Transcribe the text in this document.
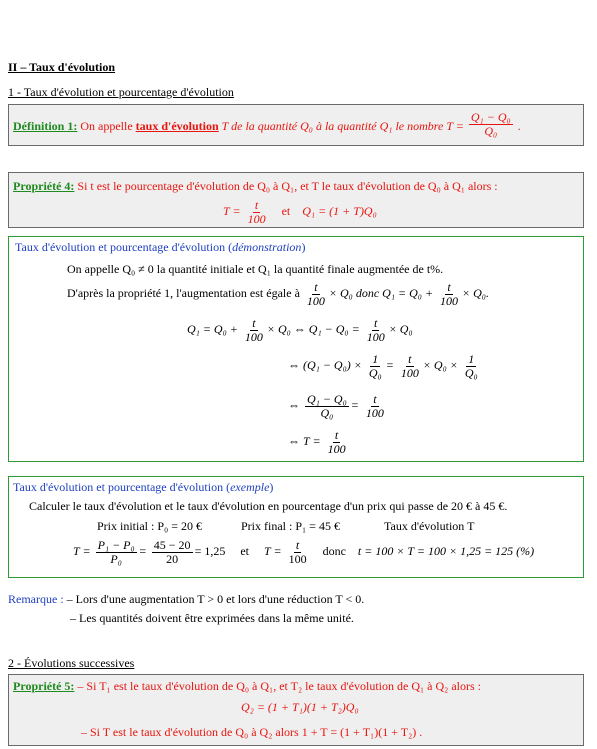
II – Taux d'évolution
1 - Taux d'évolution et pourcentage d'évolution
Définition 1: On appelle taux d'évolution T de la quantité Q₀ à la quantité Q₁ le nombre $T = \frac{\text{Q₁ − Q₀}}{\text{Q₀}}$ .
Propriété 4: Si t est le pourcentage d'évolution de Q₀ à Q₁, et T le taux d'évolution de Q₀ à Q₁ alors :
$T = \frac{t}{100}$ et Q₁ = (1 + T)Q₀
Taux d'évolution et pourcentage d'évolution (démonstration)
On appelle Q₀ ≠ 0 la quantité initiale et Q₁ la quantité finale augmentée de t%.
D'après la propriété 1, l'augmentation est égale à $\frac{t}{100} \times Q_0$ donc $Q_1 = Q_0 + \frac{t}{100} \times Q_0$.
$Q_1 = Q_0 + \frac{t}{100} \times Q_0$ ⇔ $Q_1 - Q_0 = \frac{t}{100} \times Q_0$
⇔ $(Q_1 - Q_0) \times \frac{1}{\text{Q₀}} = \frac{t}{100} \times Q_0 \times \frac{1}{\text{Q₀}}$
⇔ $\frac{\text{Q₁ − Q₀}}{\text{Q₀}} = \frac{t}{100}$
⇔ $T = \frac{t}{100}$
Taux d'évolution et pourcentage d'évolution (exemple)
Calculer le taux d'évolution et le taux d'évolution en pourcentage d'un prix qui passe de 20 € à 45 €.
Prix initial : P₀ = 20 €	Prix final : P₁ = 45 €	Taux d'évolution T
$T = \frac{\text{P₁ − P₀}}{\text{P₀}} = \frac{45 - 20}{20} = 1,25$ et $T = \frac{t}{100}$ donc t = 100 × T = 100 × 1,25 = 125 (%)
Remarque : – Lors d'une augmentation T > 0 et lors d'une réduction T < 0.
– Les quantités doivent être exprimées dans la même unité.
2 - Évolutions successives
Propriété 5: – Si T₁ est le taux d'évolution de Q₀ à Q₁, et T₂ le taux d'évolution de Q₁ à Q₂ alors :
Q₂ = (1 + T₁)(1 + T₂)Q₀
– Si T est le taux d'évolution de Q₀ à Q₂ alors 1 + T = (1 + T₁)(1 + T₂) .
